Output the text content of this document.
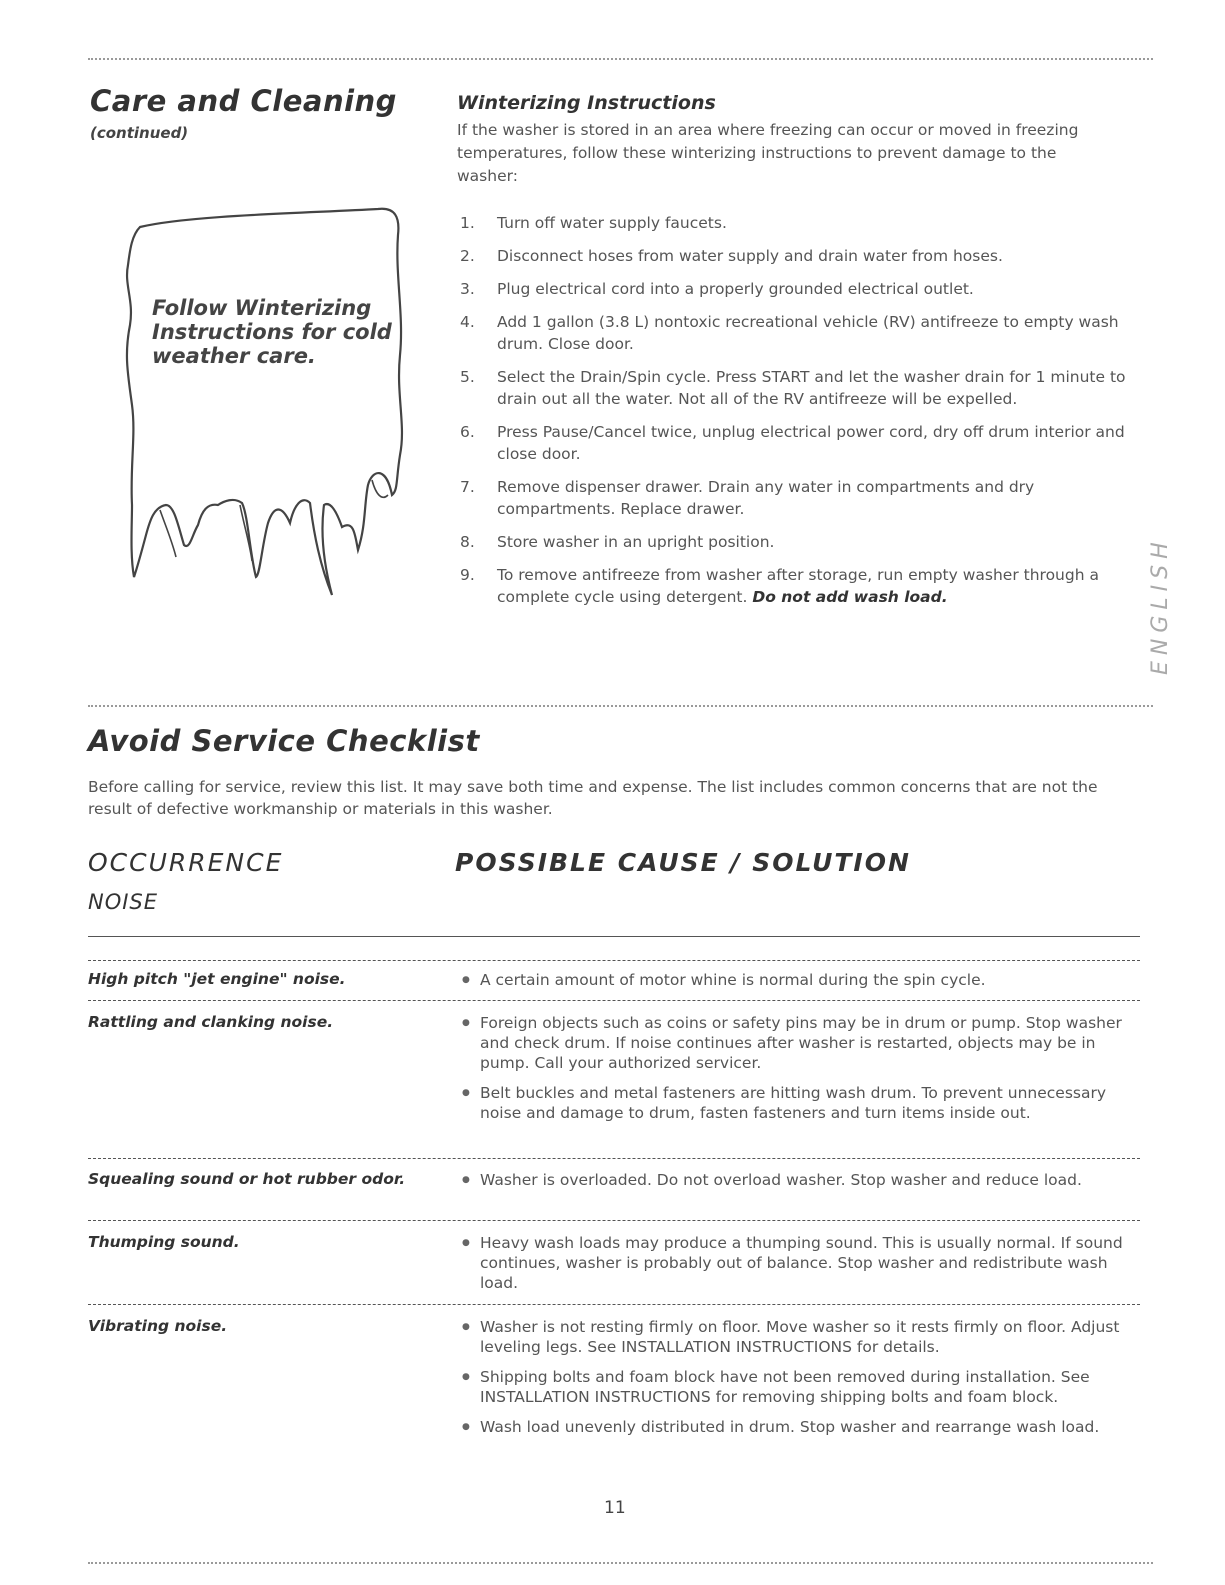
Care and Cleaning
(continued)
Follow Winterizing Instructions for cold weather care.
Winterizing Instructions
If the washer is stored in an area where freezing can occur or moved in freezing temperatures, follow these winterizing instructions to prevent damage to the washer:
1.	Turn off water supply faucets.
2.	Disconnect hoses from water supply and drain water from hoses.
3.	Plug electrical cord into a properly grounded electrical outlet.
4.	Add 1 gallon (3.8 L) nontoxic recreational vehicle (RV) antifreeze to empty wash drum. Close door.
5.	Select the Drain/Spin cycle. Press START and let the washer drain for 1 minute to drain out all the water. Not all of the RV antifreeze will be expelled.
6.	Press Pause/Cancel twice, unplug electrical power cord, dry off drum interior and close door.
7.	Remove dispenser drawer. Drain any water in compartments and dry compartments. Replace drawer.
8.	Store washer in an upright position.
9.	To remove antifreeze from washer after storage, run empty washer through a complete cycle using detergent. Do not add wash load.	ENGLISH
Avoid Service Checklist
Before calling for service, review this list. It may save both time and expense. The list includes common concerns that are not the result of defective workmanship or materials in this washer.
OCCURRENCE	POSSIBLE CAUSE / SOLUTION
NOISE
High pitch "jet engine" noise.	● A certain amount of motor whine is normal during the spin cycle.
Rattling and clanking noise.	● Foreign objects such as coins or safety pins may be in drum or pump. Stop washer and check drum. If noise continues after washer is restarted, objects may be in pump. Call your authorized servicer.
● Belt buckles and metal fasteners are hitting wash drum. To prevent unnecessary noise and damage to drum, fasten fasteners and turn items inside out.
Squealing sound or hot rubber odor.	● Washer is overloaded. Do not overload washer. Stop washer and reduce load.
Thumping sound.	● Heavy wash loads may produce a thumping sound. This is usually normal. If sound continues, washer is probably out of balance. Stop washer and redistribute wash load.
Vibrating noise.	● Washer is not resting firmly on floor. Move washer so it rests firmly on floor. Adjust leveling legs. See INSTALLATION INSTRUCTIONS for details.
● Shipping bolts and foam block have not been removed during installation. See INSTALLATION INSTRUCTIONS for removing shipping bolts and foam block.
● Wash load unevenly distributed in drum. Stop washer and rearrange wash load.
11
